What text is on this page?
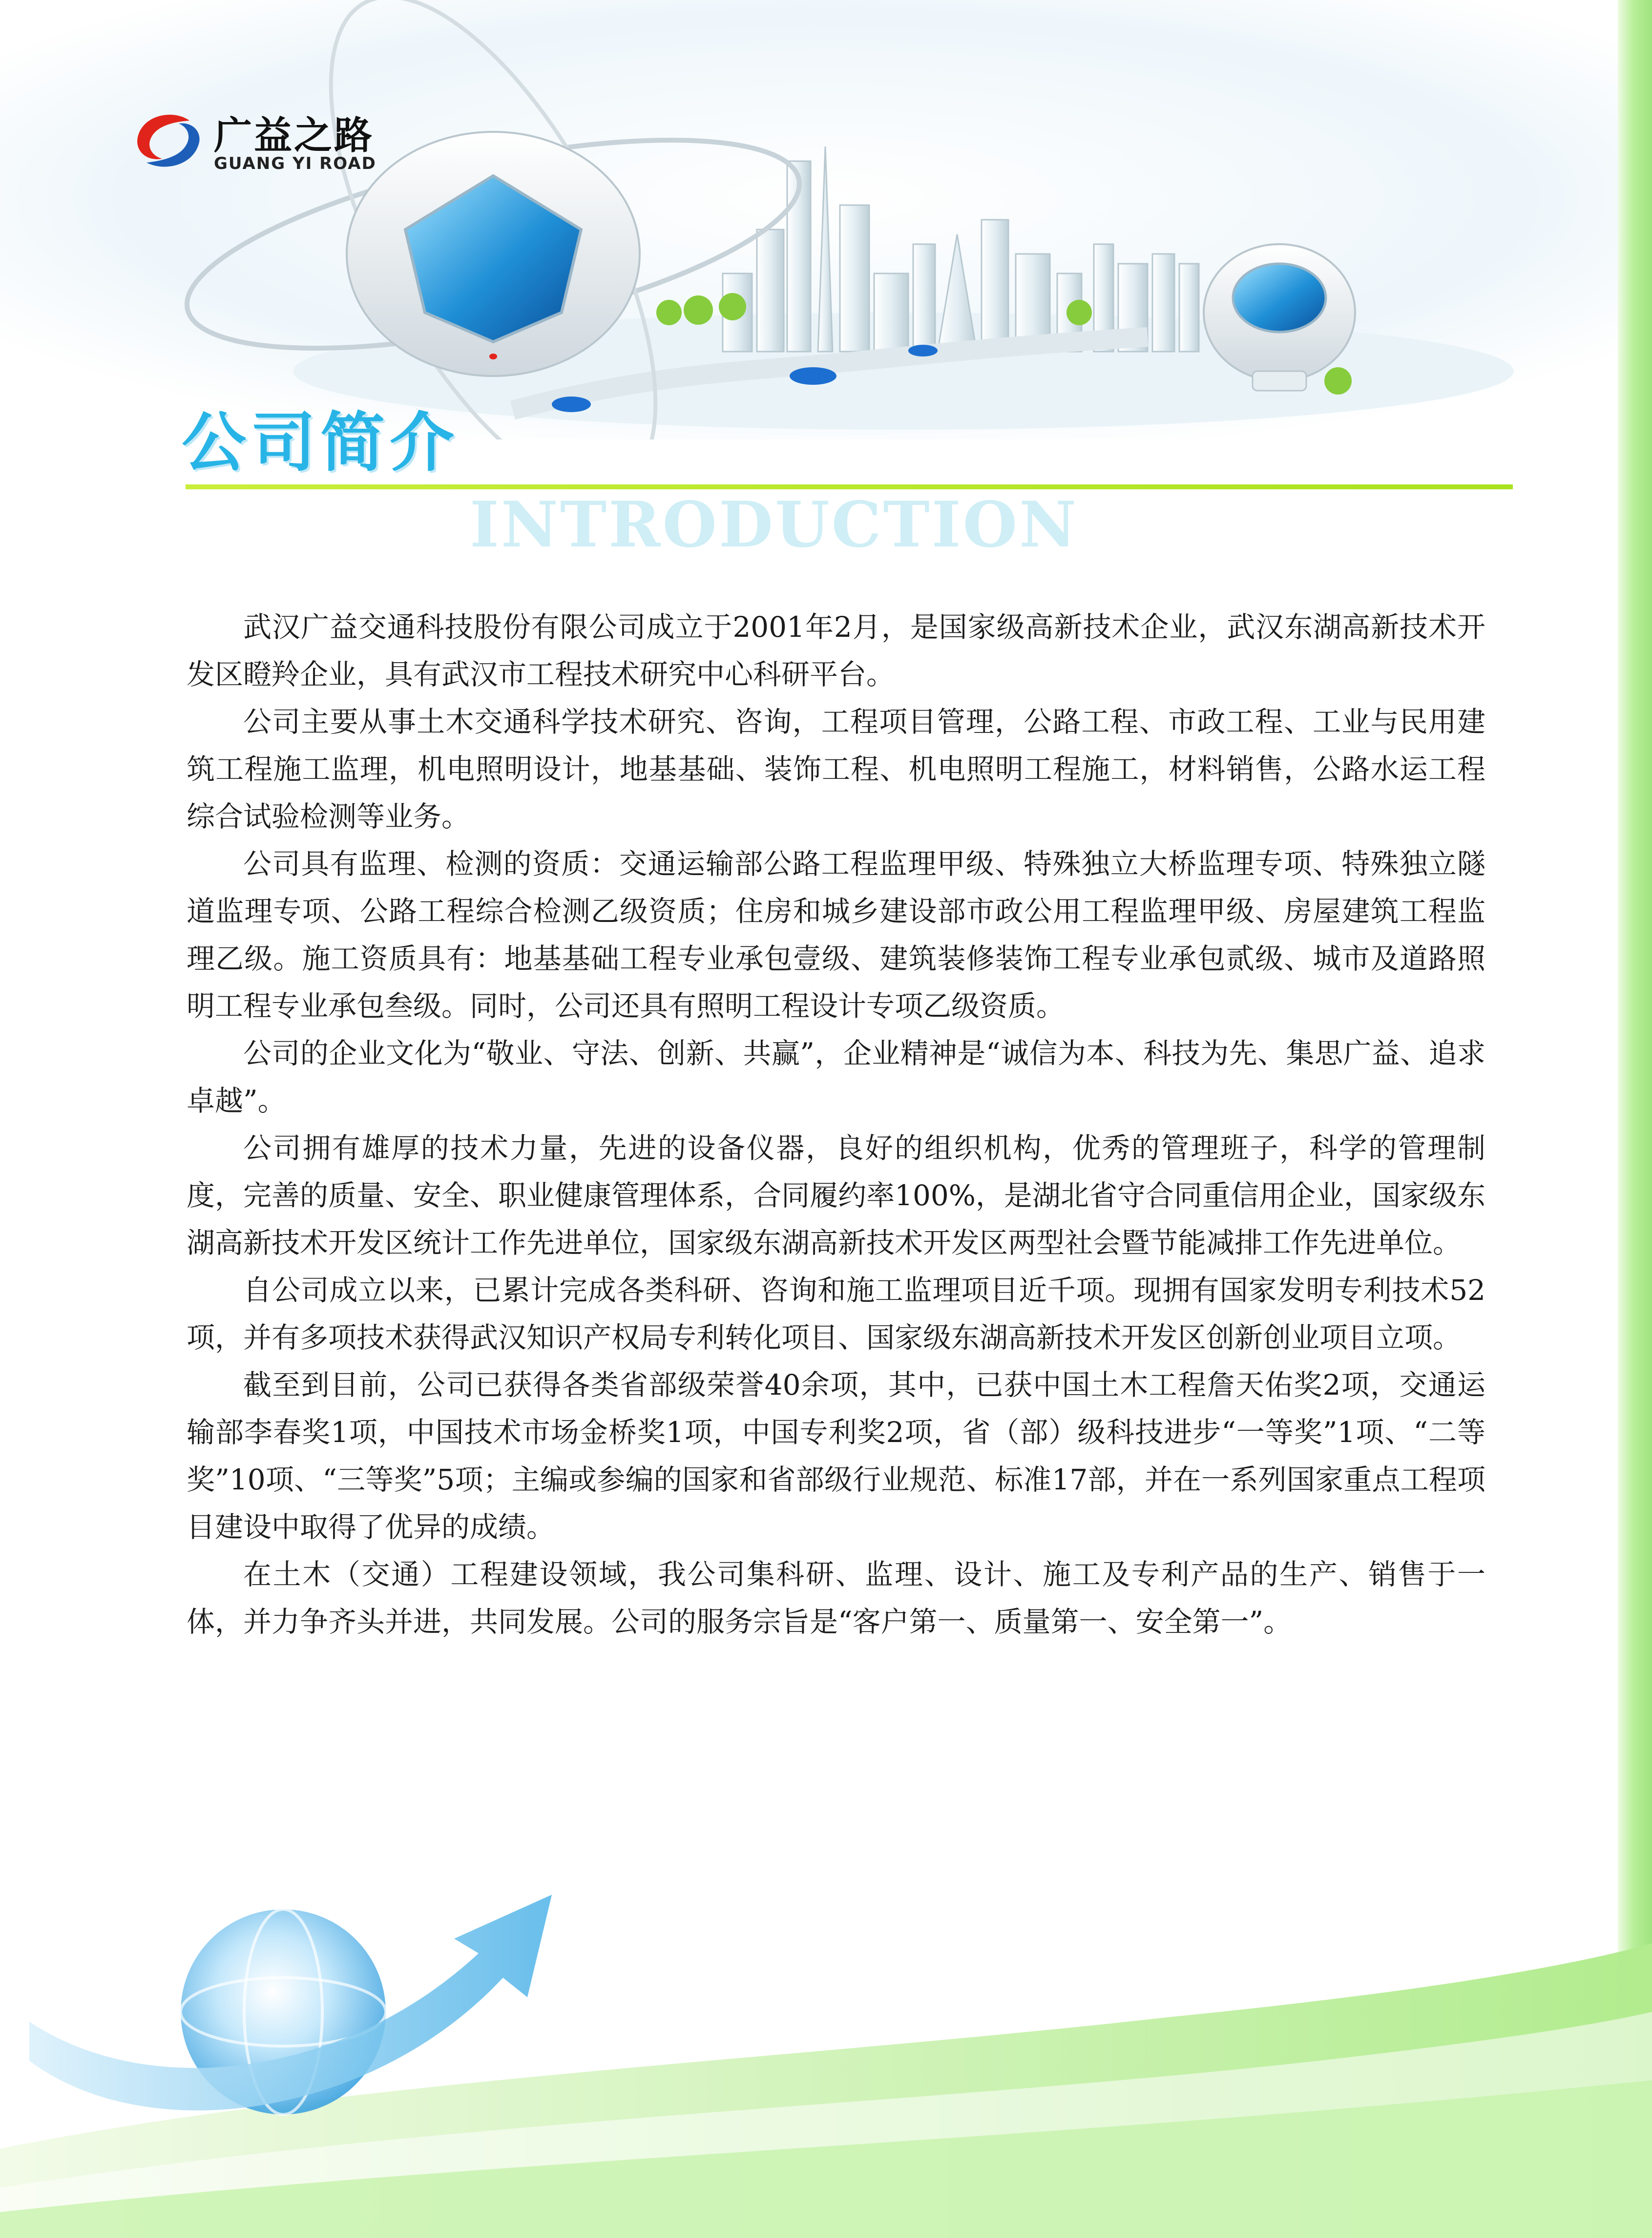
广益之路
GUANG YI ROAD
公司简介
INTRODUCTION

武汉广益交通科技股份有限公司成立于2001年2月，是国家级高新技术企业，武汉东湖高新技术开发区瞪羚企业，具有武汉市工程技术研究中心科研平台。

公司主要从事土木交通科学技术研究、咨询，工程项目管理，公路工程、市政工程、工业与民用建筑工程施工监理，机电照明设计，地基基础、装饰工程、机电照明工程施工，材料销售，公路水运工程综合试验检测等业务。

公司具有监理、检测的资质：交通运输部公路工程监理甲级、特殊独立大桥监理专项、特殊独立隧道监理专项、公路工程综合检测乙级资质；住房和城乡建设部市政公用工程监理甲级、房屋建筑工程监理乙级。施工资质具有：地基基础工程专业承包壹级、建筑装修装饰工程专业承包贰级、城市及道路照明工程专业承包叁级。同时，公司还具有照明工程设计专项乙级资质。

公司的企业文化为“敬业、守法、创新、共赢”，企业精神是“诚信为本、科技为先、集思广益、追求卓越”。

公司拥有雄厚的技术力量，先进的设备仪器，良好的组织机构，优秀的管理班子，科学的管理制度，完善的质量、安全、职业健康管理体系，合同履约率100%，是湖北省守合同重信用企业，国家级东湖高新技术开发区统计工作先进单位，国家级东湖高新技术开发区两型社会暨节能减排工作先进单位。

自公司成立以来，已累计完成各类科研、咨询和施工监理项目近千项。现拥有国家发明专利技术52项，并有多项技术获得武汉知识产权局专利转化项目、国家级东湖高新技术开发区创新创业项目立项。

截至到目前，公司已获得各类省部级荣誉40余项，其中，已获中国土木工程詹天佑奖2项，交通运输部李春奖1项，中国技术市场金桥奖1项，中国专利奖2项，省（部）级科技进步“一等奖”1项、“二等奖”10项、“三等奖”5项；主编或参编的国家和省部级行业规范、标准17部，并在一系列国家重点工程项目建设中取得了优异的成绩。

在土木（交通）工程建设领域，我公司集科研、监理、设计、施工及专利产品的生产、销售于一体，并力争齐头并进，共同发展。公司的服务宗旨是“客户第一、质量第一、安全第一”。
